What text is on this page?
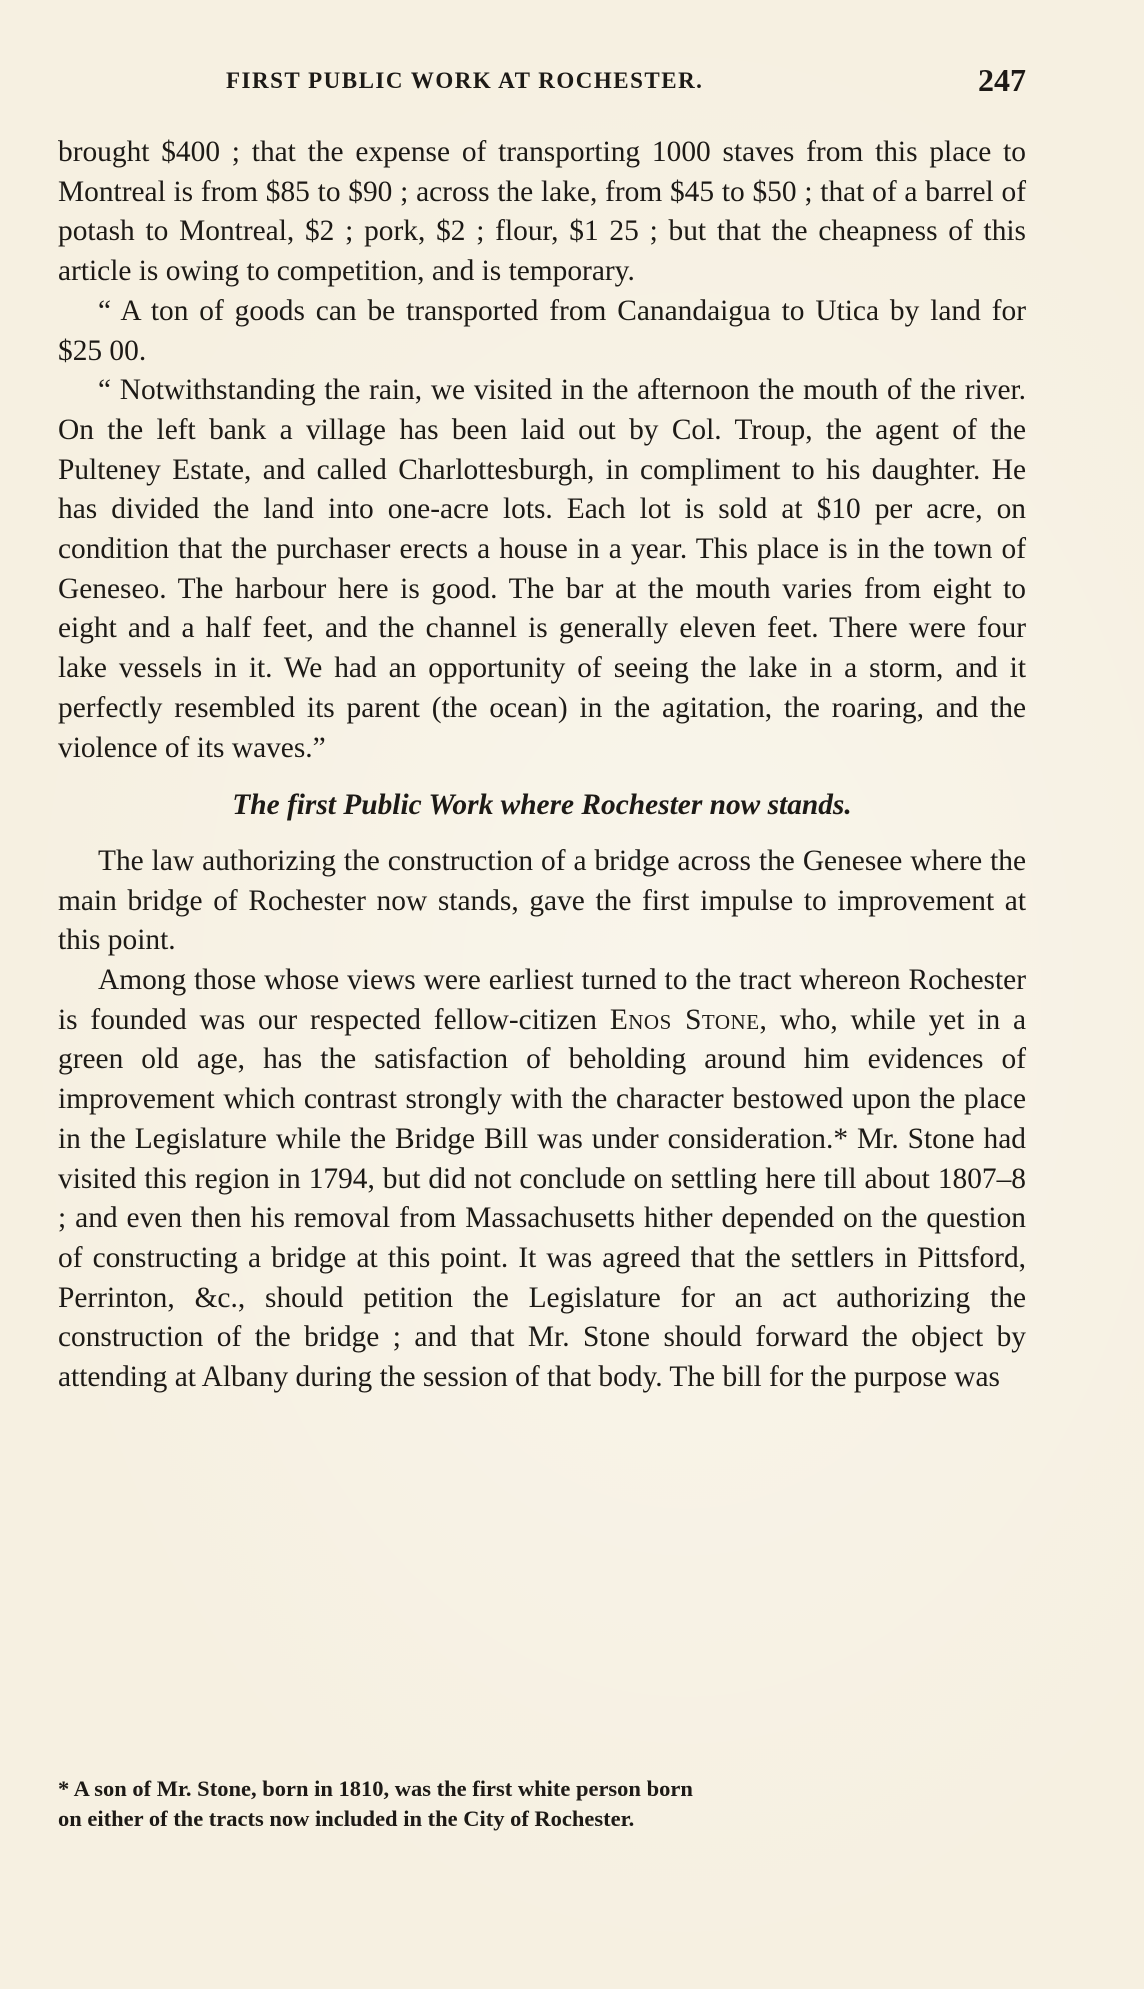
FIRST PUBLIC WORK AT ROCHESTER.	247

brought $400 ; that the expense of transporting 1000 staves from this place to Montreal is from $85 to $90 ; across the lake, from $45 to $50 ; that of a barrel of potash to Montreal, $2 ; pork, $2 ; flour, $1 25 ; but that the cheapness of this article is owing to competition, and is temporary.

“ A ton of goods can be transported from Canandaigua to Utica by land for $25 00.

“ Notwithstanding the rain, we visited in the afternoon the mouth of the river. On the left bank a village has been laid out by Col. Troup, the agent of the Pulteney Estate, and called Charlottesburgh, in compliment to his daughter. He has divided the land into one-acre lots. Each lot is sold at $10 per acre, on condition that the purchaser erects a house in a year. This place is in the town of Geneseo. The harbour here is good. The bar at the mouth varies from eight to eight and a half feet, and the channel is generally eleven feet. There were four lake vessels in it. We had an opportunity of seeing the lake in a storm, and it perfectly resembled its parent (the ocean) in the agitation, the roaring, and the violence of its waves.”

The first Public Work where Rochester now stands.

The law authorizing the construction of a bridge across the Genesee where the main bridge of Rochester now stands, gave the first impulse to improvement at this point.

Among those whose views were earliest turned to the tract whereon Rochester is founded was our respected fellow-citizen Enos Stone, who, while yet in a green old age, has the satisfaction of beholding around him evidences of improvement which contrast strongly with the character bestowed upon the place in the Legislature while the Bridge Bill was under consideration.* Mr. Stone had visited this region in 1794, but did not conclude on settling here till about 1807–8 ; and even then his removal from Massachusetts hither depended on the question of constructing a bridge at this point. It was agreed that the settlers in Pittsford, Perrinton, &c., should petition the Legislature for an act authorizing the construction of the bridge ; and that Mr. Stone should forward the object by attending at Albany during the session of that body. The bill for the purpose was

* A son of Mr. Stone, born in 1810, was the first white person born
on either of the tracts now included in the City of Rochester.
